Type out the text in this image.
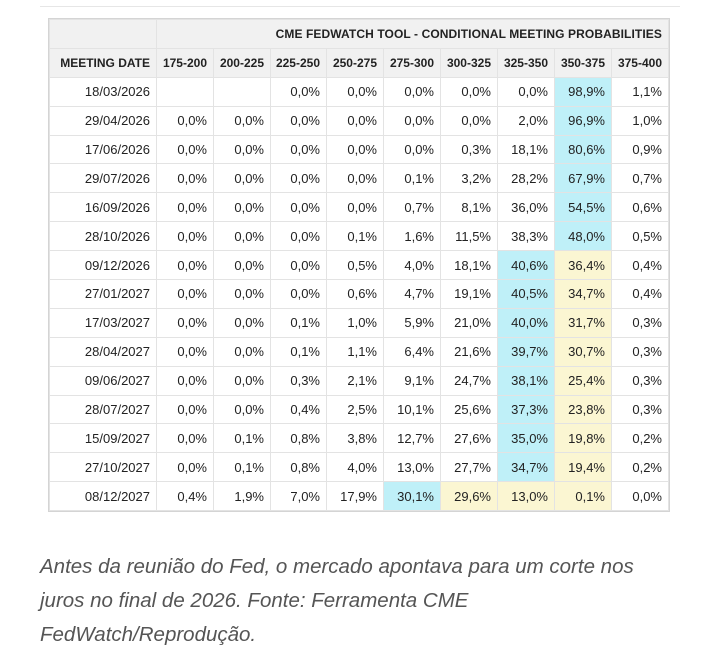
	CME FEDWATCH TOOL - CONDITIONAL MEETING PROBABILITIES								
MEETING DATE	175-200	200-225	225-250	250-275	275-300	300-325	325-350	350-375	375-400
18/03/2026			0,0%	0,0%	0,0%	0,0%	0,0%	98,9%	1,1%
29/04/2026	0,0%	0,0%	0,0%	0,0%	0,0%	0,0%	2,0%	96,9%	1,0%
17/06/2026	0,0%	0,0%	0,0%	0,0%	0,0%	0,3%	18,1%	80,6%	0,9%
29/07/2026	0,0%	0,0%	0,0%	0,0%	0,1%	3,2%	28,2%	67,9%	0,7%
16/09/2026	0,0%	0,0%	0,0%	0,0%	0,7%	8,1%	36,0%	54,5%	0,6%
28/10/2026	0,0%	0,0%	0,0%	0,1%	1,6%	11,5%	38,3%	48,0%	0,5%
09/12/2026	0,0%	0,0%	0,0%	0,5%	4,0%	18,1%	40,6%	36,4%	0,4%
27/01/2027	0,0%	0,0%	0,0%	0,6%	4,7%	19,1%	40,5%	34,7%	0,4%
17/03/2027	0,0%	0,0%	0,1%	1,0%	5,9%	21,0%	40,0%	31,7%	0,3%
28/04/2027	0,0%	0,0%	0,1%	1,1%	6,4%	21,6%	39,7%	30,7%	0,3%
09/06/2027	0,0%	0,0%	0,3%	2,1%	9,1%	24,7%	38,1%	25,4%	0,3%
28/07/2027	0,0%	0,0%	0,4%	2,5%	10,1%	25,6%	37,3%	23,8%	0,3%
15/09/2027	0,0%	0,1%	0,8%	3,8%	12,7%	27,6%	35,0%	19,8%	0,2%
27/10/2027	0,0%	0,1%	0,8%	4,0%	13,0%	27,7%	34,7%	19,4%	0,2%
08/12/2027	0,4%	1,9%	7,0%	17,9%	30,1%	29,6%	13,0%	0,1%	0,0%

Antes da reunião do Fed, o mercado apontava para um corte nos juros no final de 2026. Fonte: Ferramenta CME FedWatch/Reprodução.
